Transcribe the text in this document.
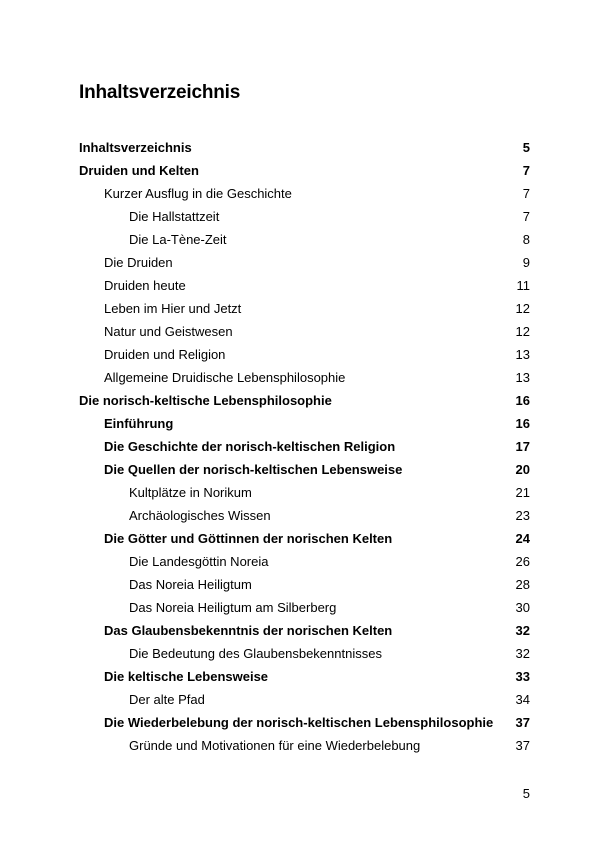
Inhaltsverzeichnis
Inhaltsverzeichnis	5
Druiden und Kelten	7
Kurzer Ausflug in die Geschichte	7
Die Hallstattzeit	7
Die La-Tène-Zeit	8
Die Druiden	9
Druiden heute	11
Leben im Hier und Jetzt	12
Natur und Geistwesen	12
Druiden und Religion	13
Allgemeine Druidische Lebensphilosophie	13
Die norisch-keltische Lebensphilosophie	16
Einführung	16
Die Geschichte der norisch-keltischen Religion	17
Die Quellen der norisch-keltischen Lebensweise	20
Kultplätze in Norikum	21
Archäologisches Wissen	23
Die Götter und Göttinnen der norischen Kelten	24
Die Landesgöttin Noreia	26
Das Noreia Heiligtum	28
Das Noreia Heiligtum am Silberberg	30
Das Glaubensbekenntnis der norischen Kelten	32
Die Bedeutung des Glaubensbekenntnisses	32
Die keltische Lebensweise	33
Der alte Pfad	34
Die Wiederbelebung der norisch-keltischen Lebensphilosophie	37
Gründe und Motivationen für eine Wiederbelebung	37
5
